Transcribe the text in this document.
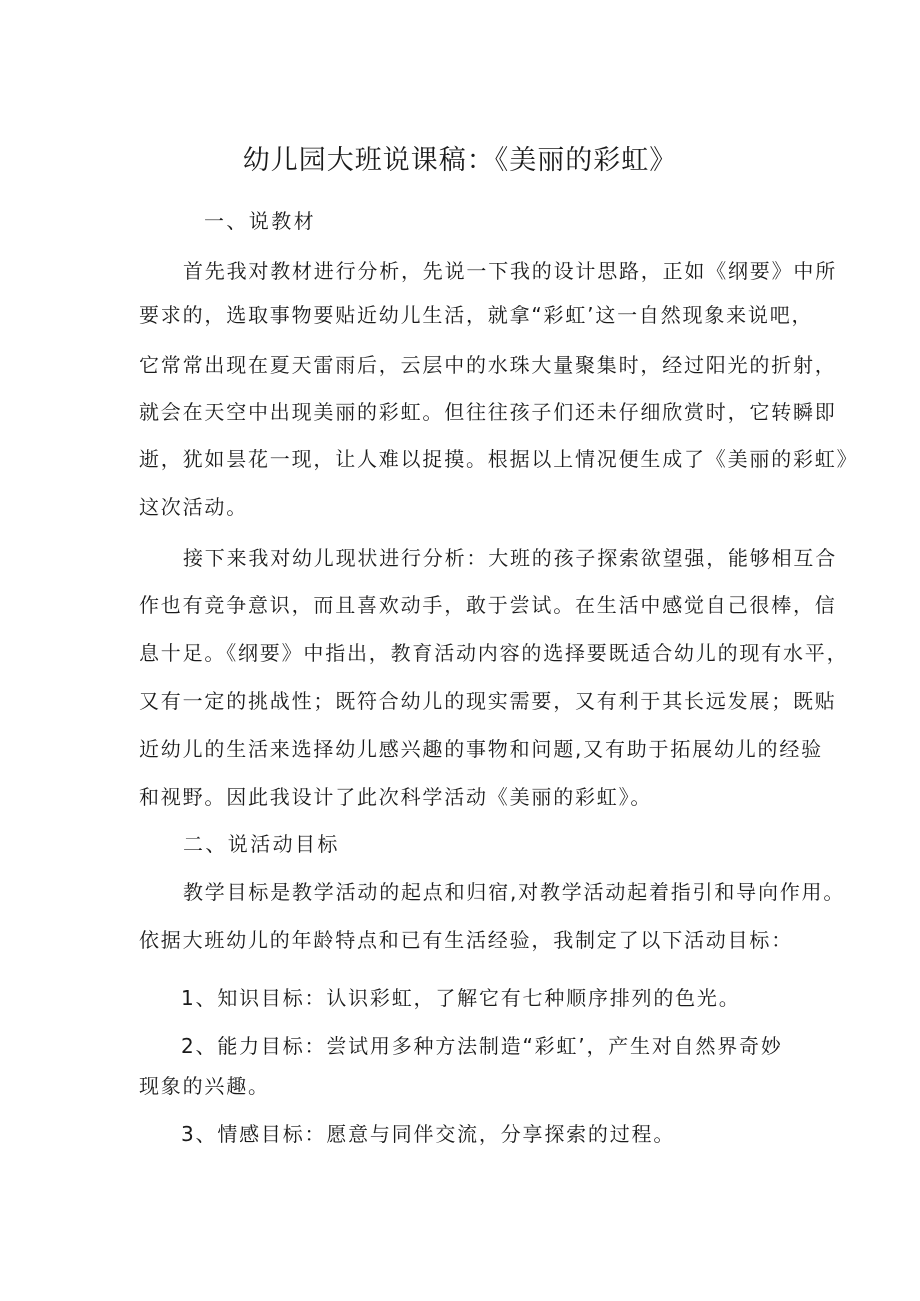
幼儿园大班说课稿：《美丽的彩虹》

一、说教材

首先我对教材进行分析，先说一下我的设计思路，正如《纲要》中所

要求的，选取事物要贴近幼儿生活，就拿“彩虹’这一自然现象来说吧，

它常常出现在夏天雷雨后，云层中的水珠大量聚集时，经过阳光的折射，

就会在天空中出现美丽的彩虹。但往往孩子们还未仔细欣赏时，它转瞬即

逝，犹如昙花一现，让人难以捉摸。根据以上情况便生成了《美丽的彩虹》

这次活动。

接下来我对幼儿现状进行分析：大班的孩子探索欲望强，能够相互合

作也有竞争意识，而且喜欢动手，敢于尝试。在生活中感觉自己很棒，信

息十足。《纲要》中指出，教育活动内容的选择要既适合幼儿的现有水平，

又有一定的挑战性；既符合幼儿的现实需要，又有利于其长远发展；既贴

近幼儿的生活来选择幼儿感兴趣的事物和问题,又有助于拓展幼儿的经验

和视野。因此我设计了此次科学活动《美丽的彩虹》。

二、说活动目标

教学目标是教学活动的起点和归宿,对教学活动起着指引和导向作用。

依据大班幼儿的年龄特点和已有生活经验，我制定了以下活动目标：

1、知识目标：认识彩虹，了解它有七种顺序排列的色光。

2、能力目标：尝试用多种方法制造“彩虹’，产生对自然界奇妙

现象的兴趣。

3、情感目标：愿意与同伴交流，分享探索的过程。
